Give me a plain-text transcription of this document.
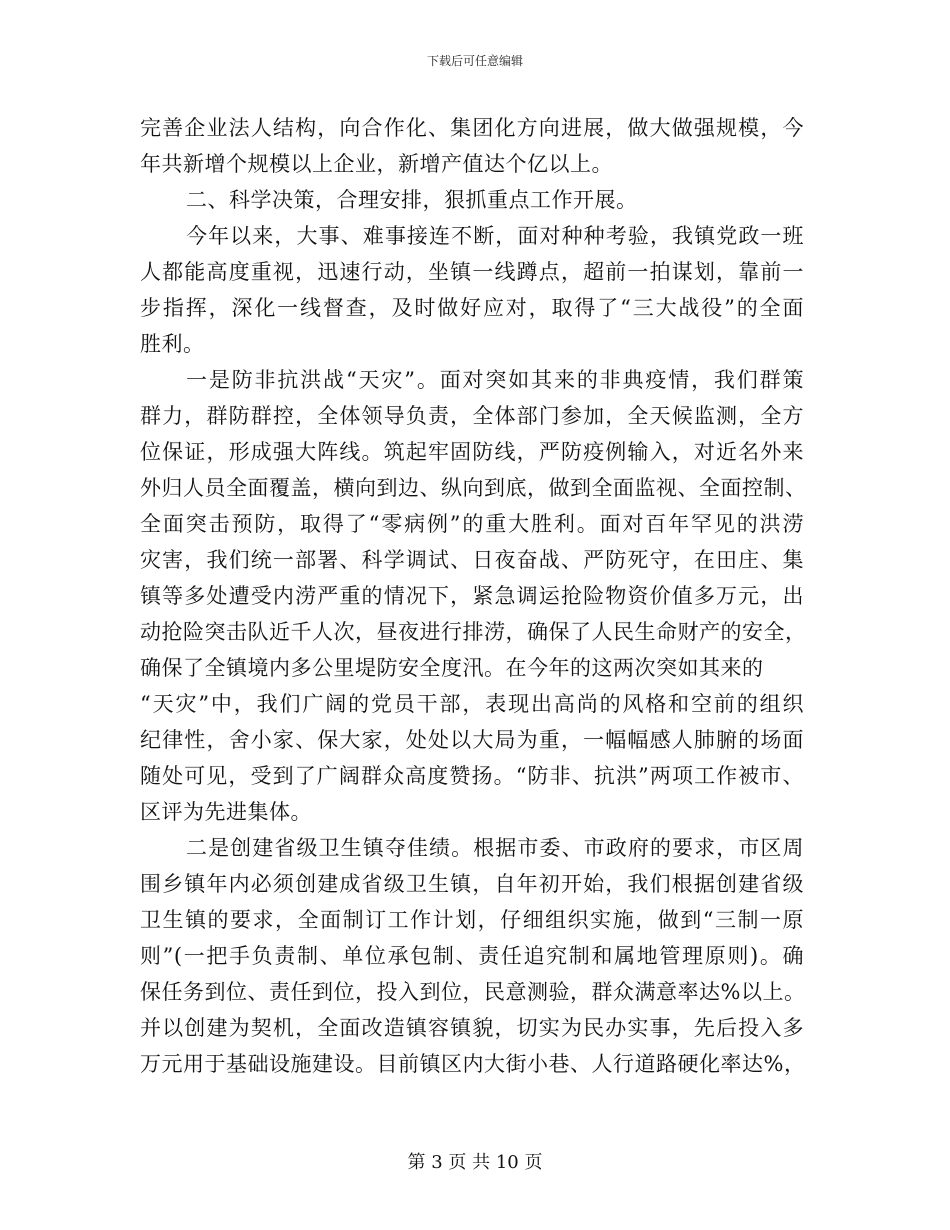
下载后可任意编辑
完善企业法人结构，向合作化、集团化方向进展，做大做强规模，今
年共新增个规模以上企业，新增产值达个亿以上。
二、科学决策，合理安排，狠抓重点工作开展。
今年以来，大事、难事接连不断，面对种种考验，我镇党政一班
人都能高度重视，迅速行动，坐镇一线蹲点，超前一拍谋划，靠前一
步指挥，深化一线督查，及时做好应对，取得了“三大战役”的全面
胜利。
一是防非抗洪战“天灾”。面对突如其来的非典疫情，我们群策
群力，群防群控，全体领导负责，全体部门参加，全天候监测，全方
位保证，形成强大阵线。筑起牢固防线，严防疫例输入，对近名外来
外归人员全面覆盖，横向到边、纵向到底，做到全面监视、全面控制、
全面突击预防，取得了“零病例”的重大胜利。面对百年罕见的洪涝
灾害，我们统一部署、科学调试、日夜奋战、严防死守，在田庄、集
镇等多处遭受内涝严重的情况下，紧急调运抢险物资价值多万元，出
动抢险突击队近千人次，昼夜进行排涝，确保了人民生命财产的安全，
确保了全镇境内多公里堤防安全度汛。在今年的这两次突如其来的
“天灾”中，我们广阔的党员干部，表现出高尚的风格和空前的组织
纪律性，舍小家、保大家，处处以大局为重，一幅幅感人肺腑的场面
随处可见，受到了广阔群众高度赞扬。“防非、抗洪”两项工作被市、
区评为先进集体。
二是创建省级卫生镇夺佳绩。根据市委、市政府的要求，市区周
围乡镇年内必须创建成省级卫生镇，自年初开始，我们根据创建省级
卫生镇的要求，全面制订工作计划，仔细组织实施，做到“三制一原
则”(一把手负责制、单位承包制、责任追究制和属地管理原则)。确
保任务到位、责任到位，投入到位，民意测验，群众满意率达%以上。
并以创建为契机，全面改造镇容镇貌，切实为民办实事，先后投入多
万元用于基础设施建设。目前镇区内大街小巷、人行道路硬化率达%，
第 3 页 共 10 页
